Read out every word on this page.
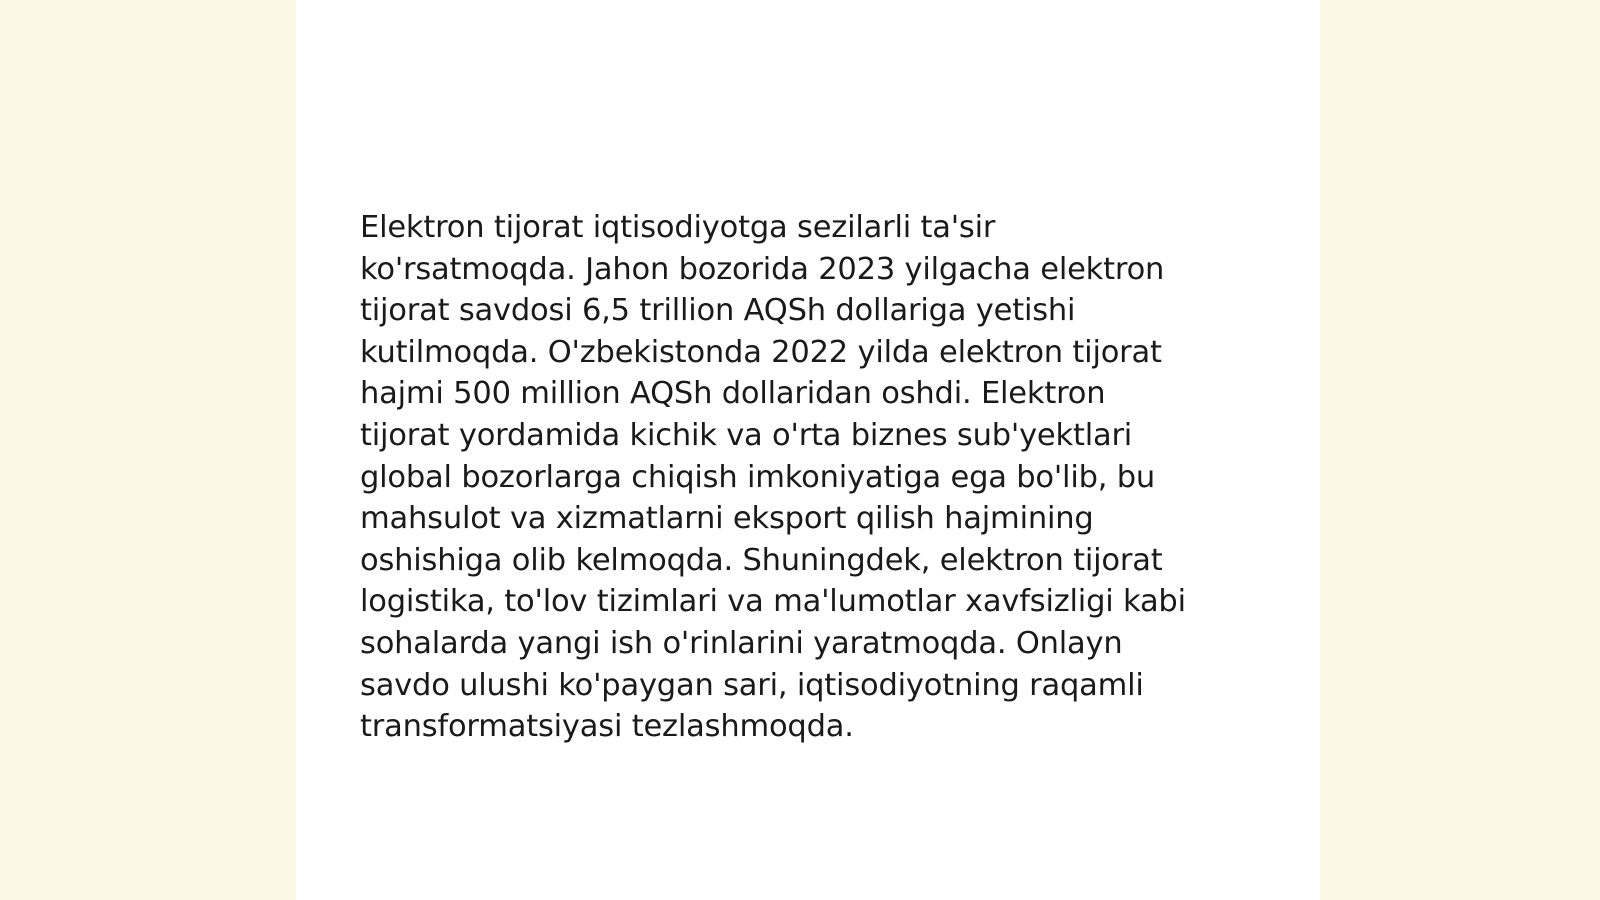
Elektron tijorat iqtisodiyotga sezilarli ta'sir
ko'rsatmoqda. Jahon bozorida 2023 yilgacha elektron
tijorat savdosi 6,5 trillion AQSh dollariga yetishi
kutilmoqda. O'zbekistonda 2022 yilda elektron tijorat
hajmi 500 million AQSh dollaridan oshdi. Elektron
tijorat yordamida kichik va o'rta biznes sub'yektlari
global bozorlarga chiqish imkoniyatiga ega bo'lib, bu
mahsulot va xizmatlarni eksport qilish hajmining
oshishiga olib kelmoqda. Shuningdek, elektron tijorat
logistika, to'lov tizimlari va ma'lumotlar xavfsizligi kabi
sohalarda yangi ish o'rinlarini yaratmoqda. Onlayn
savdo ulushi ko'paygan sari, iqtisodiyotning raqamli
transformatsiyasi tezlashmoqda.
